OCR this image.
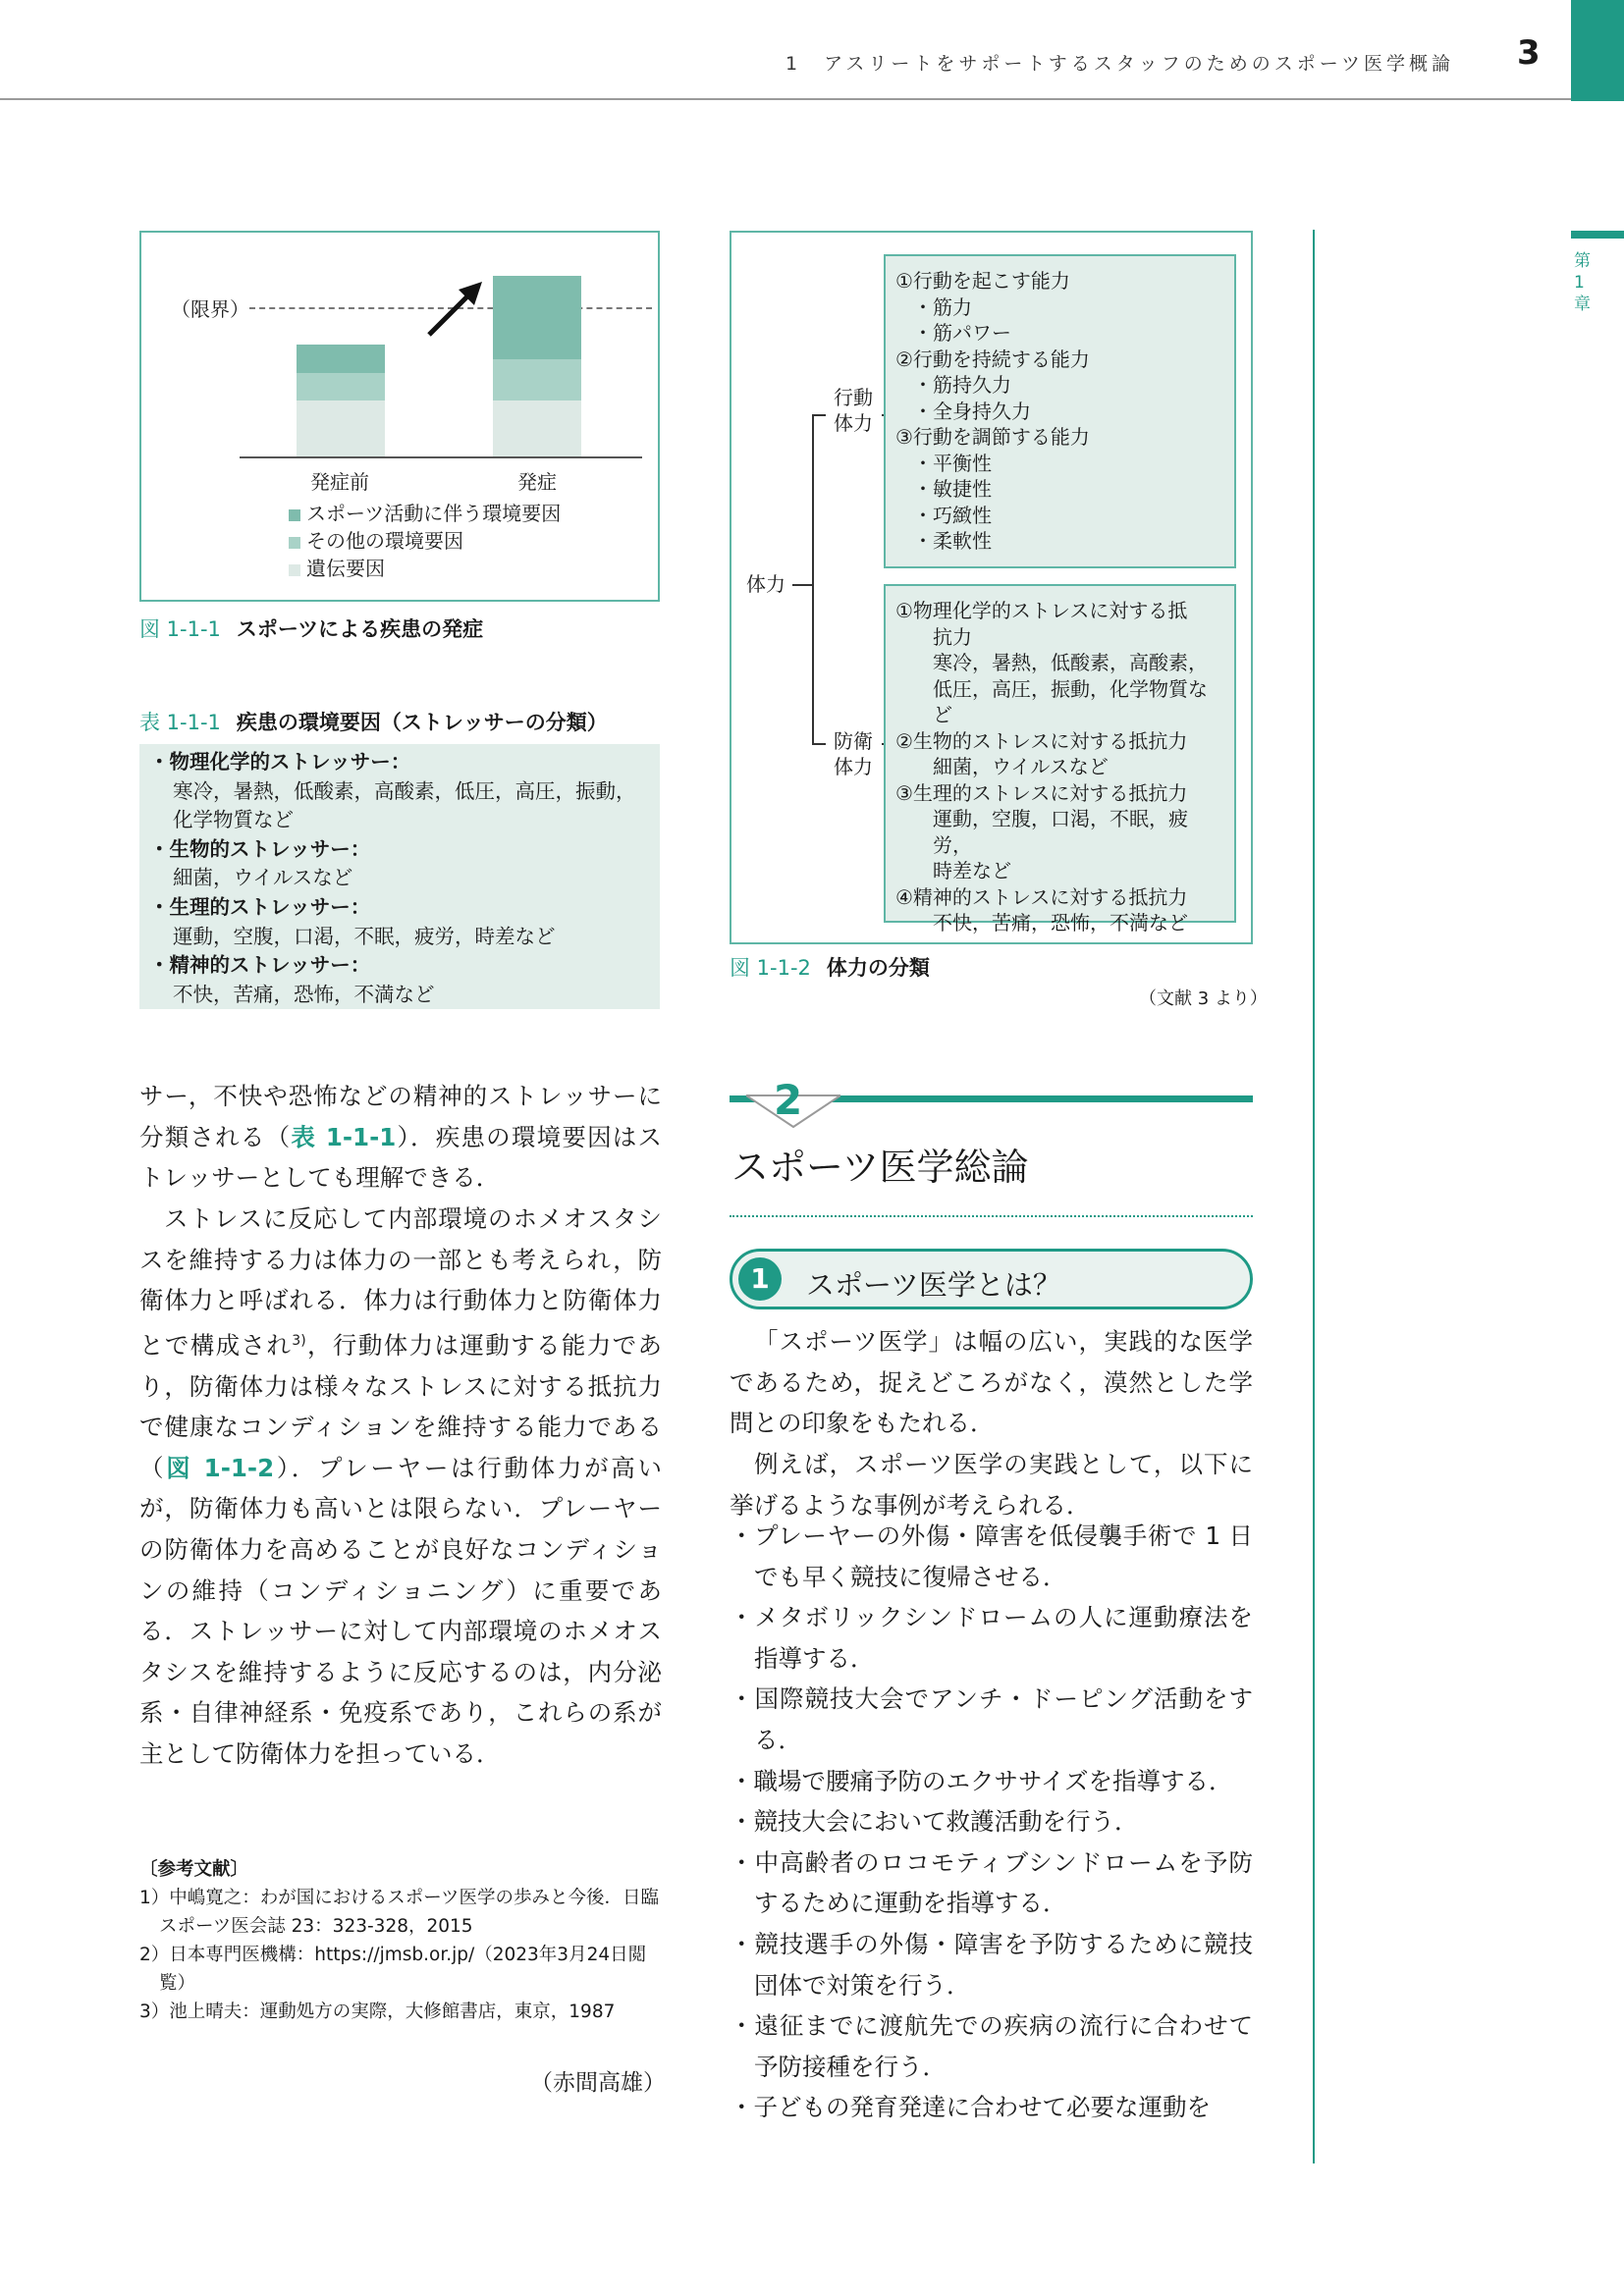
1　アスリートをサポートするスタッフのためのスポーツ医学概論 3
第1章
（限界）
発症前	発症
スポーツ活動に伴う環境要因
その他の環境要因
遺伝要因
図 1-1-1 スポーツによる疾患の発症
表 1-1-1 疾患の環境要因（ストレッサーの分類）
・物理化学的ストレッサー：
寒冷，暑熱，低酸素，高酸素，低圧，高圧，振動，
化学物質など
・生物的ストレッサー：
細菌，ウイルスなど
・生理的ストレッサー：
運動，空腹，口渇，不眠，疲労，時差など
・精神的ストレッサー：
不快，苦痛，恐怖，不満など
体力
行動
体力
防衛
体力
①行動を起こす能力
・筋力
・筋パワー
②行動を持続する能力
・筋持久力
・全身持久力
③行動を調節する能力
・平衡性
・敏捷性
・巧緻性
・柔軟性
①物理化学的ストレスに対する抵
抗力
寒冷，暑熱，低酸素，高酸素，
低圧，高圧，振動，化学物質な
ど
②生物的ストレスに対する抵抗力
細菌，ウイルスなど
③生理的ストレスに対する抵抗力
運動，空腹，口渇，不眠，疲労，
時差など
④精神的ストレスに対する抵抗力
不快，苦痛，恐怖，不満など
図 1-1-2 体力の分類
（文献 3 より）
サー，不快や恐怖などの精神的ストレッサーに分類される（表 1-1-1）．疾患の環境要因はストレッサーとしても理解できる．
ストレスに反応して内部環境のホメオスタシスを維持する力は体力の一部とも考えられ，防衛体力と呼ばれる．体力は行動体力と防衛体力とで構成され$^{3)}$，行動体力は運動する能力であり，防衛体力は様々なストレスに対する抵抗力で健康なコンディションを維持する能力である（図 1-1-2）．プレーヤーは行動体力が高いが，防衛体力も高いとは限らない．プレーヤーの防衛体力を高めることが良好なコンディションの維持（コンディショニング）に重要である．ストレッサーに対して内部環境のホメオスタシスを維持するように反応するのは，内分泌系・自律神経系・免疫系であり，これらの系が主として防衛体力を担っている．
〔参考文献〕
1）中嶋寛之：わが国におけるスポーツ医学の歩みと今後．日臨スポーツ医会誌 23：323-328，2015
2）日本専門医機構：https://jmsb.or.jp/（2023年3月24日閲覧）
3）池上晴夫：運動処方の実際，大修館書店，東京，1987
（赤間高雄）
2
スポーツ医学総論
1	スポーツ医学とは？
「スポーツ医学」は幅の広い，実践的な医学であるため，捉えどころがなく，漠然とした学問との印象をもたれる．
例えば，スポーツ医学の実践として，以下に挙げるような事例が考えられる．
・プレーヤーの外傷・障害を低侵襲手術で 1 日でも早く競技に復帰させる．
・メタボリックシンドロームの人に運動療法を指導する．
・国際競技大会でアンチ・ドーピング活動をする．
・職場で腰痛予防のエクササイズを指導する．
・競技大会において救護活動を行う．
・中高齢者のロコモティブシンドロームを予防するために運動を指導する．
・競技選手の外傷・障害を予防するために競技団体で対策を行う．
・遠征までに渡航先での疾病の流行に合わせて予防接種を行う．
・子どもの発育発達に合わせて必要な運動を
